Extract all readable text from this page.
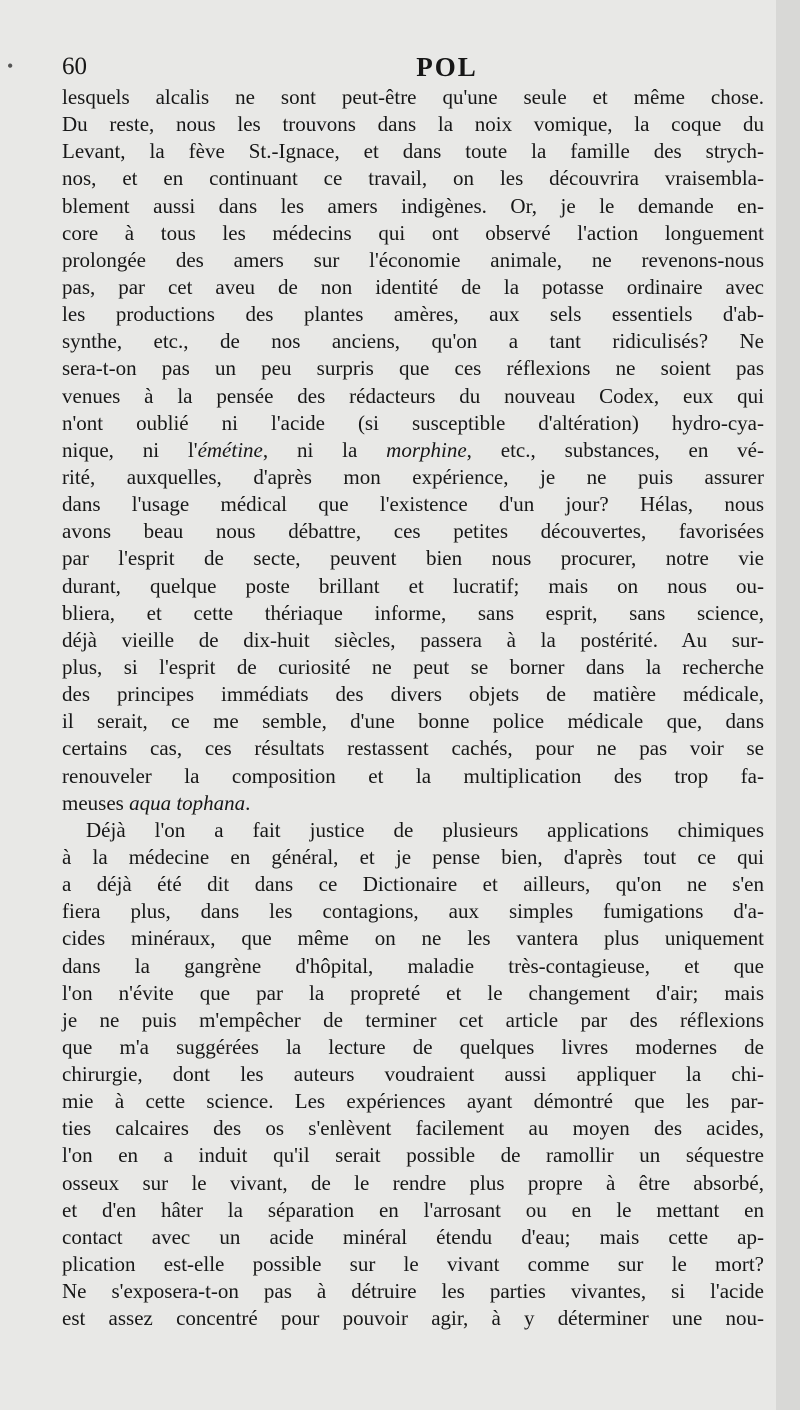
• 60	POL
lesquels alcalis ne sont peut-être qu'une seule et même chose.
Du reste, nous les trouvons dans la noix vomique, la coque du
Levant, la fève St.-Ignace, et dans toute la famille des strych-
nos, et en continuant ce travail, on les découvrira vraisembla-
blement aussi dans les amers indigènes. Or, je le demande en-
core à tous les médecins qui ont observé l'action longuement
prolongée des amers sur l'économie animale, ne revenons-nous
pas, par cet aveu de non identité de la potasse ordinaire avec
les productions des plantes amères, aux sels essentiels d'ab-
synthe, etc., de nos anciens, qu'on a tant ridiculisés? Ne
sera-t-on pas un peu surpris que ces réflexions ne soient pas
venues à la pensée des rédacteurs du nouveau Codex, eux qui
n'ont oublié ni l'acide (si susceptible d'altération) hydro-cya-
nique, ni l'émétine, ni la morphine, etc., substances, en vé-
rité, auxquelles, d'après mon expérience, je ne puis assurer
dans l'usage médical que l'existence d'un jour? Hélas, nous
avons beau nous débattre, ces petites découvertes, favorisées
par l'esprit de secte, peuvent bien nous procurer, notre vie
durant, quelque poste brillant et lucratif; mais on nous ou-
bliera, et cette thériaque informe, sans esprit, sans science,
déjà vieille de dix-huit siècles, passera à la postérité. Au sur-
plus, si l'esprit de curiosité ne peut se borner dans la recherche
des principes immédiats des divers objets de matière médicale,
il serait, ce me semble, d'une bonne police médicale que, dans
certains cas, ces résultats restassent cachés, pour ne pas voir se
renouveler la composition et la multiplication des trop fa-
meuses aqua tophana.
Déjà l'on a fait justice de plusieurs applications chimiques
à la médecine en général, et je pense bien, d'après tout ce qui
a déjà été dit dans ce Dictionaire et ailleurs, qu'on ne s'en
fiera plus, dans les contagions, aux simples fumigations d'a-
cides minéraux, que même on ne les vantera plus uniquement
dans la gangrène d'hôpital, maladie très-contagieuse, et que
l'on n'évite que par la propreté et le changement d'air; mais
je ne puis m'empêcher de terminer cet article par des réflexions
que m'a suggérées la lecture de quelques livres modernes de
chirurgie, dont les auteurs voudraient aussi appliquer la chi-
mie à cette science. Les expériences ayant démontré que les par-
ties calcaires des os s'enlèvent facilement au moyen des acides,
l'on en a induit qu'il serait possible de ramollir un séquestre
osseux sur le vivant, de le rendre plus propre à être absorbé,
et d'en hâter la séparation en l'arrosant ou en le mettant en
contact avec un acide minéral étendu d'eau; mais cette ap-
plication est-elle possible sur le vivant comme sur le mort?
Ne s'exposera-t-on pas à détruire les parties vivantes, si l'acide
est assez concentré pour pouvoir agir, à y déterminer une nou-
